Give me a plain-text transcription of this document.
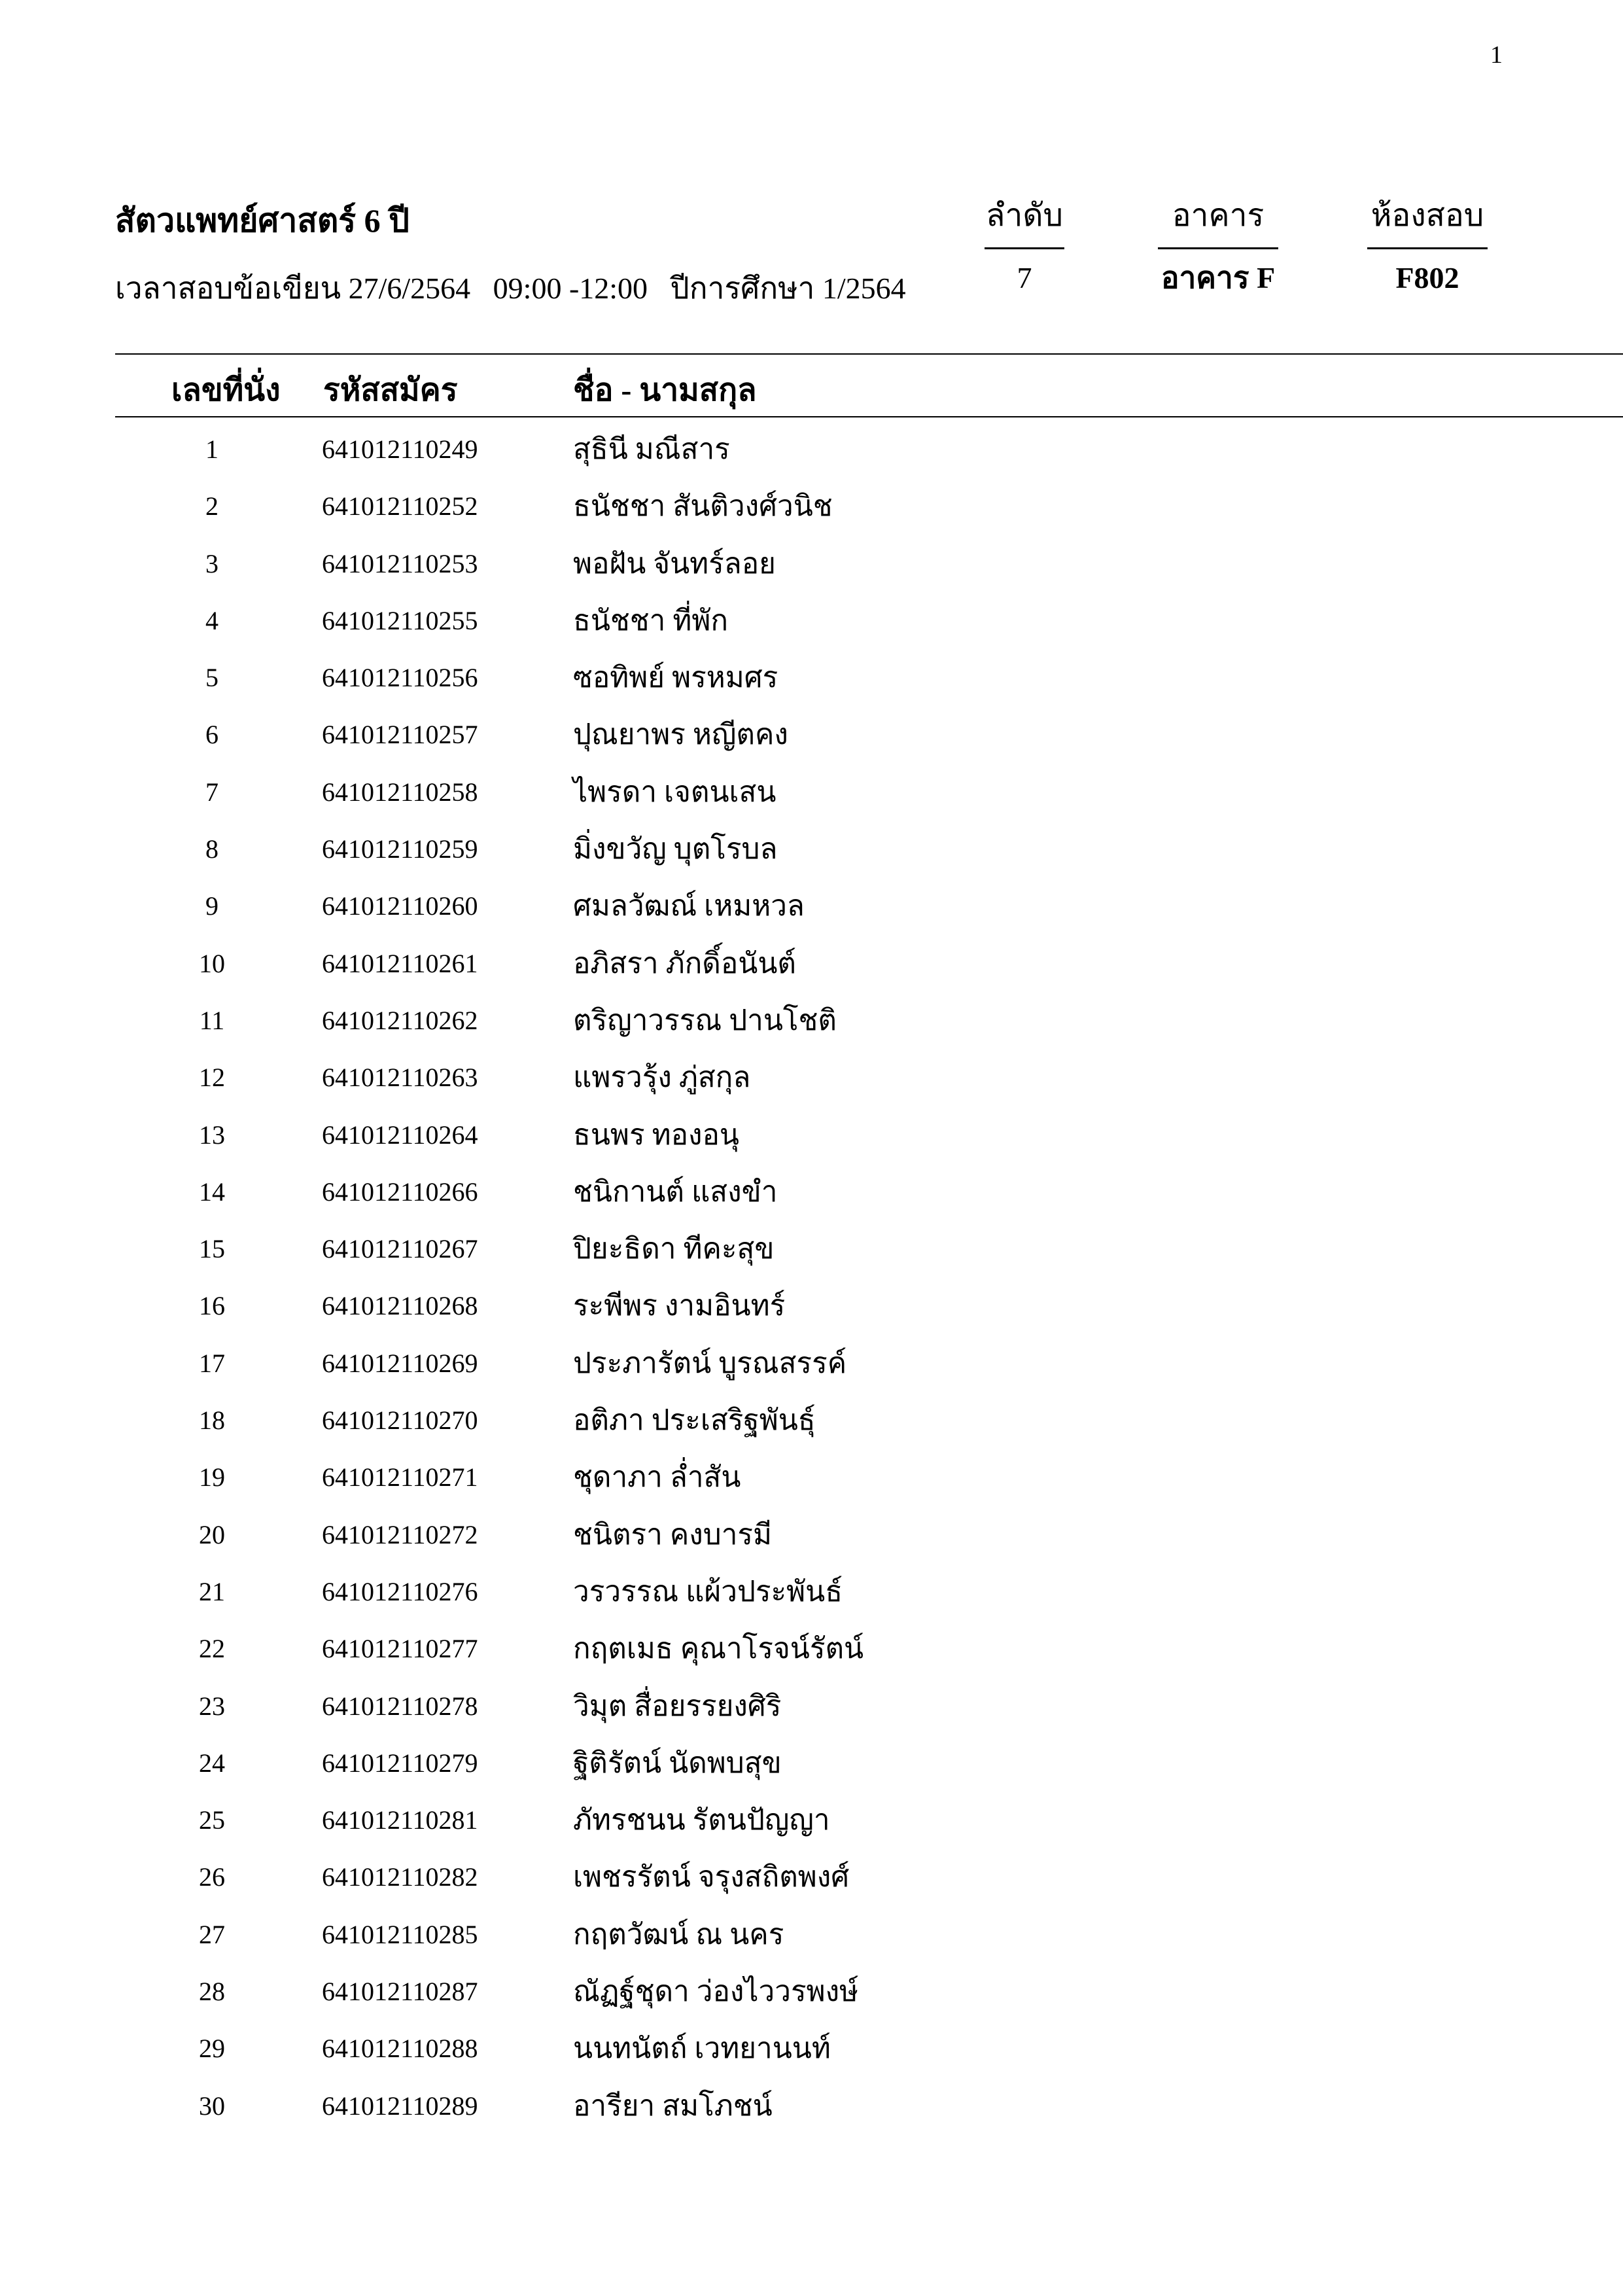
1
สัตวแพทย์ศาสตร์ 6 ปี
เวลาสอบข้อเขียน 27/6/2564   09:00 -12:00   ปีการศึกษา 1/2564
ลำดับ
7
อาคาร
อาคาร F
ห้องสอบ
F802
เลขที่นั่ง รหัสสมัคร	ชื่อ - นามสกุล
1	641012110249	สุธินี มณีสาร
2	641012110252	ธนัชชา สันติวงศ์วนิช
3	641012110253	พอฝัน จันทร์ลอย
4	641012110255	ธนัชชา ที่พัก
5	641012110256	ซอทิพย์ พรหมศร
6	641012110257	ปุณยาพร หญีตคง
7	641012110258	ไพรดา เจตนเสน
8	641012110259	มิ่งขวัญ บุตโรบล
9	641012110260	ศมลวัฒณ์ เหมหวล
10	641012110261	อภิสรา ภักดิ์อนันต์
11	641012110262	ตริญาวรรณ ปานโชติ
12	641012110263	แพรวรุ้ง ภู่สกุล
13	641012110264	ธนพร ทองอนุ
14	641012110266	ชนิกานต์ แสงขำ
15	641012110267	ปิยะธิดา ทีคะสุข
16	641012110268	ระพีพร งามอินทร์
17	641012110269	ประภารัตน์ บูรณสรรค์
18	641012110270	อติภา ประเสริฐพันธุ์
19	641012110271	ชุดาภา ล่ำสัน
20	641012110272	ชนิตรา คงบารมี
21	641012110276	วรวรรณ แผ้วประพันธ์
22	641012110277	กฤตเมธ คุณาโรจน์รัตน์
23	641012110278	วิมุต สื่อยรรยงศิริ
24	641012110279	ฐิติรัตน์ นัดพบสุข
25	641012110281	ภัทรชนน รัตนปัญญา
26	641012110282	เพชรรัตน์ จรุงสถิตพงศ์
27	641012110285	กฤตวัฒน์ ณ นคร
28	641012110287	ณัฏฐ์ชุดา ว่องไววรพงษ์
29	641012110288	นนทนัตถ์ เวทยานนท์
30	641012110289	อารียา สมโภชน์
